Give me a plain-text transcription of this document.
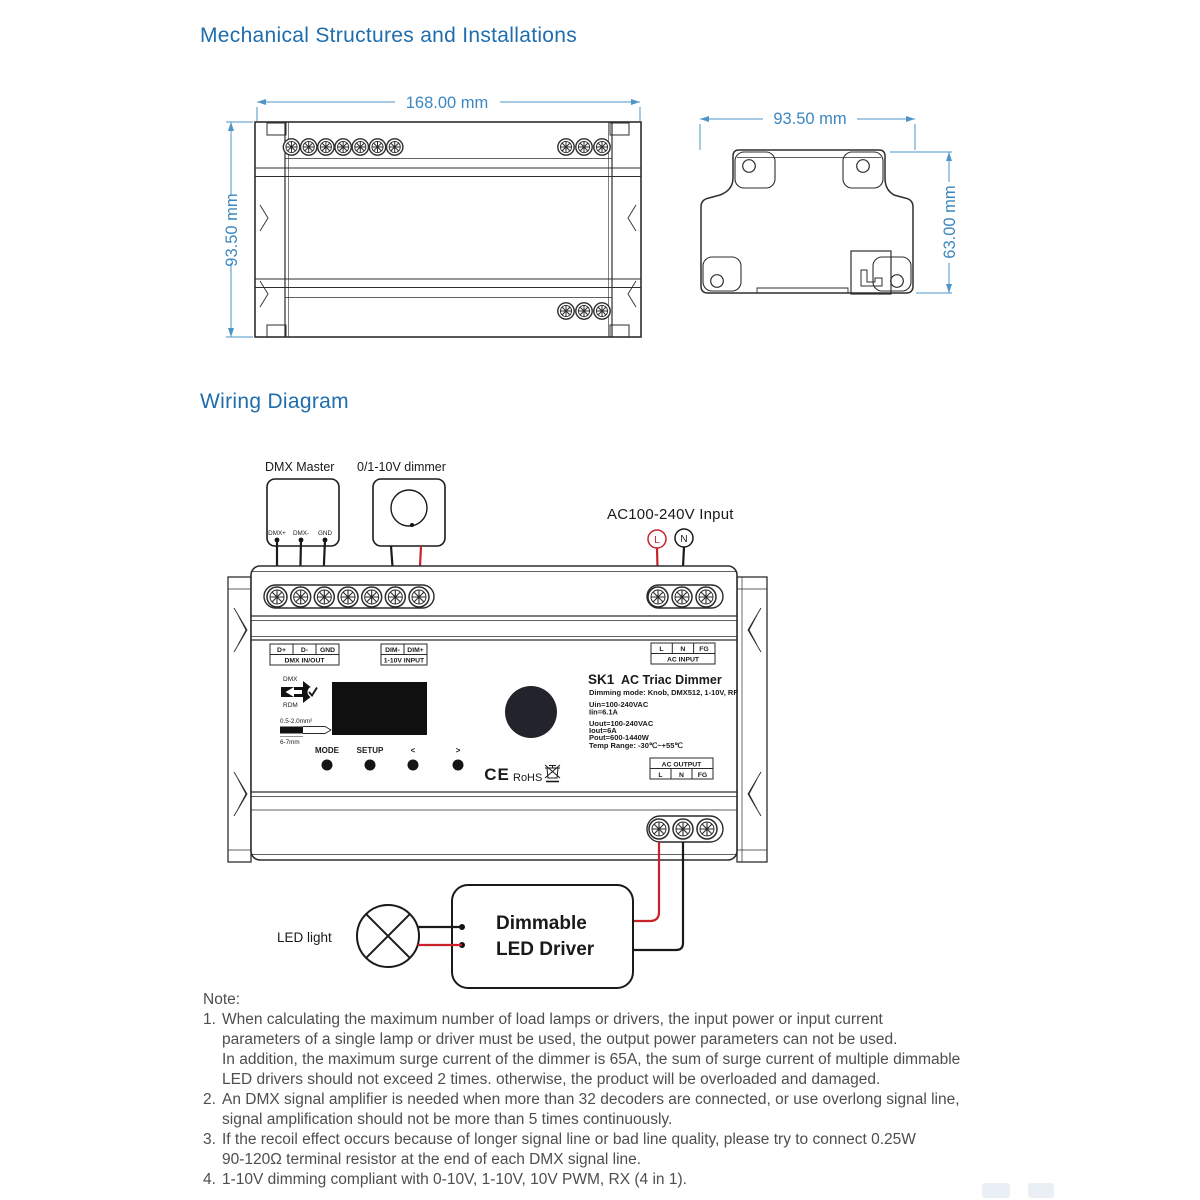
Mechanical Structures and Installations
168.00 mm
93.50 mm
93.50 mm
63.00 mm
Wiring Diagram
DMX Master
DMX+ DMX- GND
0/1-10V dimmer
AC100-240V Input
L N
D+ D- GND
DMX IN/OUT
DIM- DIM+
1-10V INPUT
L N FG
AC INPUT
AC OUTPUT
L N FG
DMX
RDM
0.5-2.0mm²
6-7mm
MODE SETUP	<	>
CE RoHS
SK1 AC Triac Dimmer
Dimming mode: Knob, DMX512, 1-10V, RF
Uin=100-240VAC
Iin=6.1A
Uout=100-240VAC
Iout=6A
Pout=600-1440W
Temp Range: -30℃~+55℃
Dimmable
LED Driver
LED light
Note:
1. When calculating the maximum number of load lamps or drivers, the input power or input current
parameters of a single lamp or driver must be used, the output power parameters can not be used.
In addition, the maximum surge current of the dimmer is 65A, the sum of surge current of multiple dimmable
LED drivers should not exceed 2 times. otherwise, the product will be overloaded and damaged.
2. An DMX signal amplifier is needed when more than 32 decoders are connected, or use overlong signal line,
signal amplification should not be more than 5 times continuously.
3. If the recoil effect occurs because of longer signal line or bad line quality, please try to connect 0.25W
90-120Ω terminal resistor at the end of each DMX signal line.
4. 1-10V dimming compliant with 0-10V, 1-10V, 10V PWM, RX (4 in 1).
